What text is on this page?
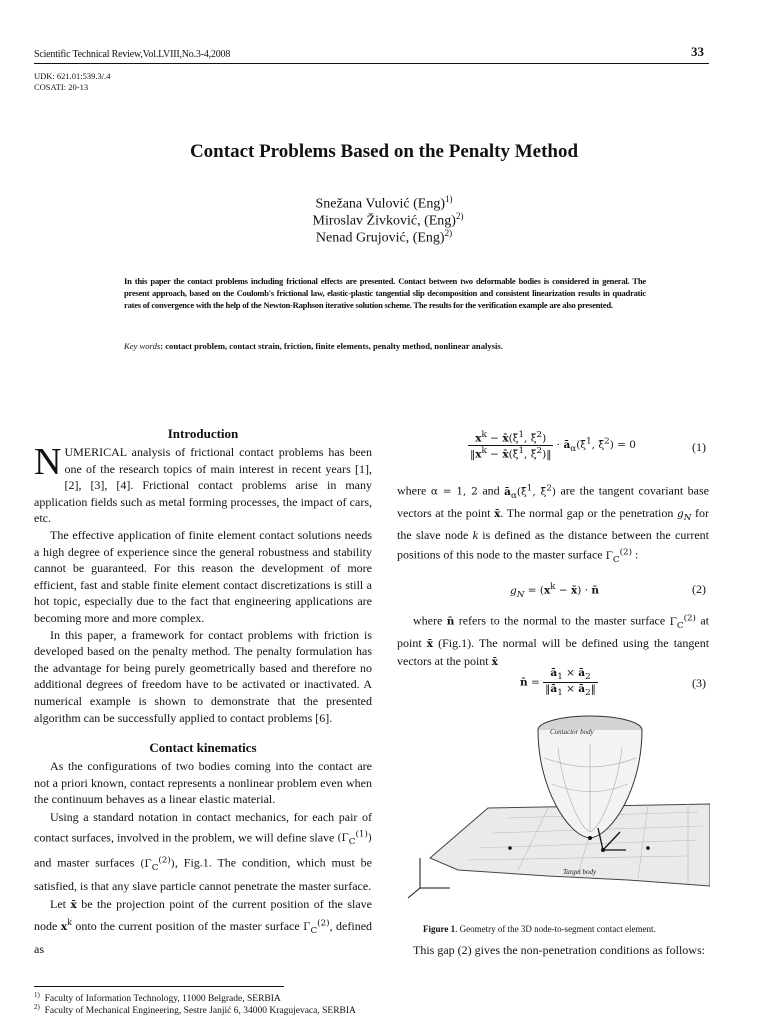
Scientific Technical Review,Vol.LVIII,No.3-4,2008	33
UDK: 621.01:539.3/.4
COSATI: 20-13
Contact Problems Based on the Penalty Method
Snežana Vulović (Eng)$^{1)}$
Miroslav Živković, (Eng)$^{2)}$
Nenad Grujović, (Eng)$^{2)}$
In this paper the contact problems including frictional effects are presented. Contact between two deformable bodies is considered in general. The present approach, based on the Coulomb's frictional law, elastic-plastic tangential slip decomposition and consistent linearization results in quadratic rates of convergence with the help of the Newton-Raphson iterative solution scheme. The results for the verification example are also presented.
Key words: contact problem, contact strain, friction, finite elements, penalty method, nonlinear analysis.
Introduction

NUMERICAL analysis of frictional contact problems has been one of the research topics of main interest in recent years [1], [2], [3], [4]. Frictional contact problems arise in many application fields such as metal forming processes, the impact of cars, etc.

The effective application of finite element contact solutions needs a high degree of experience since the general robustness and stability cannot be guaranteed. For this reason the development of more efficient, fast and stable finite element contact discretizations is still a hot topic, especially due to the fact that engineering applications are becoming more and more complex.

In this paper, a framework for contact problems with friction is developed based on the penalty method. The penalty formulation has the advantage for being purely geometrically based and therefore no additional degrees of freedom have to be activated or inactivated. A numerical example is shown to demonstrate that the presented algorithm can be successfully applied to contact problems [6].

Contact kinematics

As the configurations of two bodies coming into the contact are not a priori known, contact represents a nonlinear problem even when the continuum behaves as a linear elastic material.

Using a standard notation in contact mechanics, for each pair of contact surfaces, involved in the problem, we will define slave $(\Gamma_C^{(1)})$ and master surfaces $(\Gamma_C^{(2)})$, Fig.1. The condition, which must be satisfied, is that any slave particle cannot penetrate the master surface.

Let x̄ be the projection point of the current position of the slave node $x^k$ onto the current position of the master surface $\Gamma_C^{(2)}$, defined as

$\frac{x^k - x̄(\xī^1, \xī^2)}{‖x^k - x̄(\xī^1, \xī^2)‖}$ · $ā_\alpha(\xī^1$, ξ̄$^2$) = 0	(1)

where α = 1, 2 and $ā_\alpha(\xī^1$, ξ̄$^2$) are the tangent covariant base vectors at the point x̄. The normal gap or the penetration $g_N$ for the slave node k is defined as the distance between the current positions of this node to the master surface $\Gamma_C^{(2)}$ :

$g_N = (x^k$ − x̄) · n̄	(2)

where n̄ refers to the normal to the master surface $\Gamma_C^{(2)}$ at point x̄ (Fig.1). The normal will be defined using the tangent vectors at the point x̄

n̄ = $\frac{ā_1 \times ā_2}{‖ā_1 \times ā_2‖}$	(3)
Contactor body
Target body
Figure 1. Geometry of the 3D node-to-segment contact element.

This gap (2) gives the non-penetration conditions as follows:

$^{1)}$ Faculty of Information Technology, 11000 Belgrade, SERBIA
$^{2)}$ Faculty of Mechanical Engineering, Sestre Janjić 6, 34000 Kragujevaca, SERBIA
